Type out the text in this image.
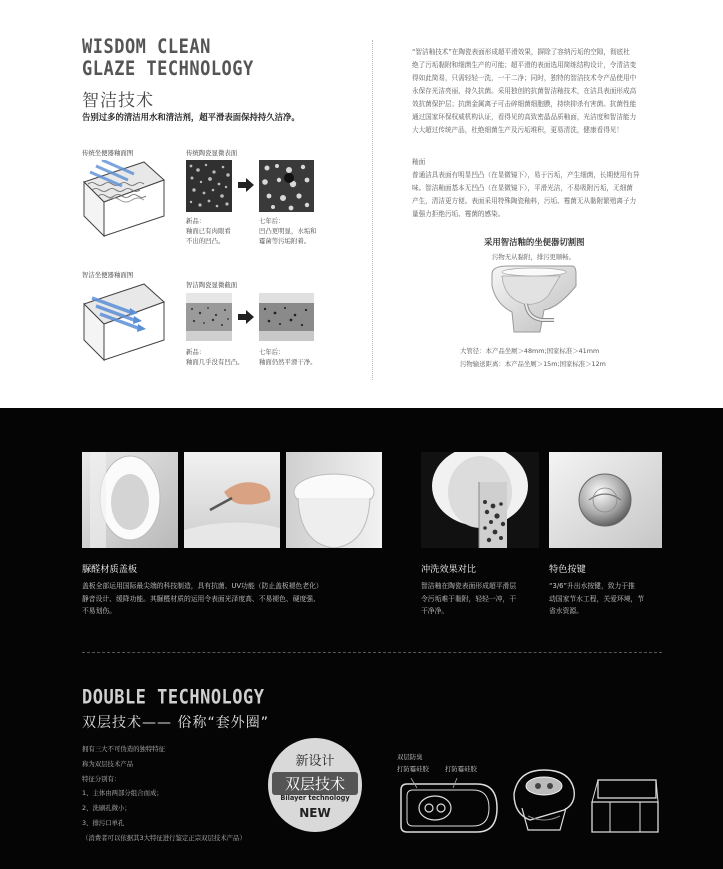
WISDOM CLEAN
GLAZE TECHNOLOGY
智洁技术
告别过多的清洁用水和清洁剂，超平滑表面保持持久洁净。
传统坐便器釉面图	传统陶瓷显微表面
新品：
釉面已有肉眼看
不出的凹凸。
七年后：
凹凸更明显，水垢和
霉菌等污垢附着。
智洁坐便器釉面图
智洁陶瓷显微截面
新品：
釉面几乎没有凹凸。
七年后：
釉面仍然平滑干净。
“智洁釉技术”在陶瓷表面形成超平滑效果，摒除了容纳污垢的空隙，彻底杜
绝了污垢黏附和细菌生产的可能；超平滑的表面选用简练结构设计，令清洁变
得如此简易，只需轻轻一洗，一干二净；同时，独特的智洁技术令产品使用中
永保存光洁亮丽，持久抗菌。采用独创的抗菌智洁釉技术，在洁具表面形成高
效抗菌保护层；抗菌金属离子可击碎细菌细胞膜，持续抑杀有害菌。抗菌性能
通过国家环保权威机构认证，看得见的高致密晶品质釉面，光洁度和智洁能力
大大超过传统产品，杜绝细菌生产及污垢堆积，更易清洗，健康看得见！
釉面
普通洁具表面有明显凹凸（在显微镜下），易于污垢，产生细菌，长期使用有异
味。智洁釉面基本无凹凸（在显微镜下），平滑光洁，不易吸附污垢，无细菌
产生，清洁更方便。表面采用特殊陶瓷釉料，污垢、霉菌无从黏附繁殖离子力
量强力拒绝污垢、霉菌的感染。
采用智洁釉的坐便器切割图
污物无从黏附，排污更顺畅。
大管径：本产品坐厕＞48mm;国家标准＞41mm
污物输送距离：本产品坐厕＞15m;国家标准＞12m
脲醛材质盖板
盖板全部运用国际最尖端的科技制造，具有抗菌、UV功能（防止盖板褪色老化）
静音设计、缓降功能。其脲醛材质的运用令表面光泽度高、不易褪色、硬度强、
不易划伤。
冲洗效果对比
智洁釉在陶瓷表面形成超平滑层
令污垢难于黏附，轻轻一冲，干
干净净。
特色按键
“3/6”升出水按键，致力于推
动国家节水工程，关爱环境，节
省水资源。
DOUBLE TECHNOLOGY
双层技术—— 俗称“套外圈”
拥有三大不可伪造的独特特征
称为双层技术产品
特征分别有：
1、主体由两部分组合而成；
2、洗刷孔微小；
3、排污口单孔
（消费者可以依据其3大特征进行鉴定正宗双层技术产品）
新设计
双层技术
Bilayer technology
NEW
双层防臭
打防霉硅胶	打防霉硅胶
